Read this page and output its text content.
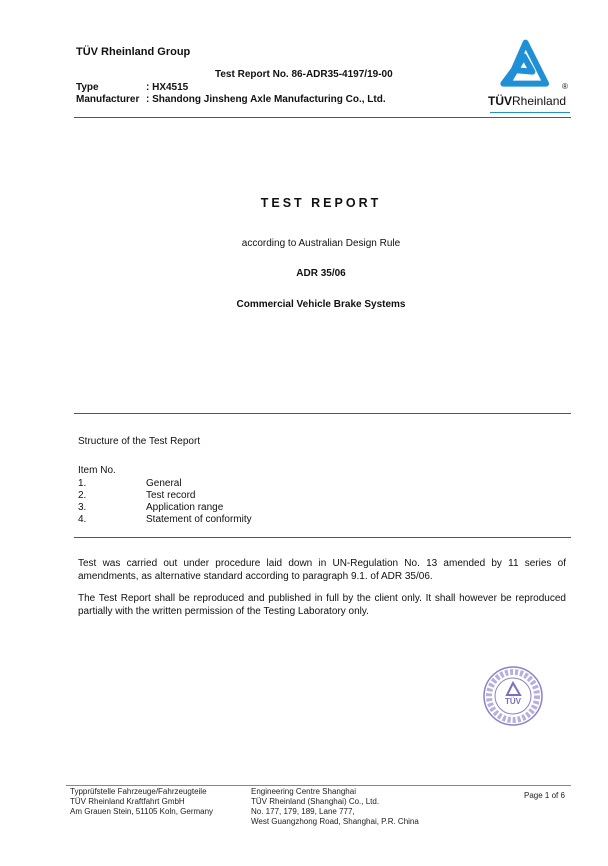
TÜV Rheinland Group
Test Report No. 86-ADR35-4197/19-00
Type	: HX4515
Manufacturer : Shandong Jinsheng Axle Manufacturing Co., Ltd.
®
TÜVRheinland
TEST REPORT
according to Australian Design Rule
ADR 35/06
Commercial Vehicle Brake Systems
Structure of the Test Report
Item No.
1.	General
2.	Test record
3.	Application range
4.	Statement of conformity
Test was carried out under procedure laid down in UN-Regulation No. 13 amended by 11 series of amendments, as alternative standard according to paragraph 9.1. of ADR 35/06.
The Test Report shall be reproduced and published in full by the client only. It shall however be reproduced partially with the written permission of the Testing Laboratory only.
TÜV
Typprüfstelle Fahrzeuge/Fahrzeugteile
TÜV Rheinland Kraftfahrt GmbH
Am Grauen Stein, 51105 Koln, Germany
Engineering Centre Shanghai
TÜV Rheinland (Shanghai) Co., Ltd.
No. 177, 179, 189, Lane 777,
West Guangzhong Road, Shanghai, P.R. China
Page 1 of 6
